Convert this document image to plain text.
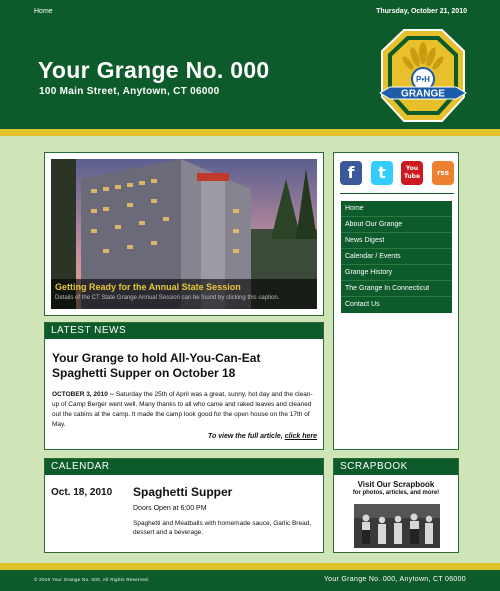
Home	Thursday, October 21, 2010
Your Grange No. 000
100 Main Street, Anytown, CT 06000
P•H
GRANGE
Getting Ready for the Annual State Session
Details of the CT State Grange Annual Session can be found by clicking this caption.
LATEST NEWS
Your Grange to hold All-You-Can-Eat Spaghetti Supper on October 18
OCTOBER 3, 2010 -- Saturday the 25th of April was a great, sunny, hot day and the clean-up of Camp Berger went well. Many thanks to all who came and raked leaves and cleaned out the cabins at the camp. It made the camp look good for the open house on the 17th of May.
To view the full article, click here
CALENDAR
Oct. 18, 2010 Spaghetti Supper
Doors Open at 6:00 PM
Spaghetti and Meatballs with homemade sauce, Garlic Bread, dessert and a beverage.
f	t	You Tube	rss
Home
About Our Grange
News Digest
Calendar / Events
Grange History
The Grange In Connecticut
Contact Us
SCRAPBOOK
Visit Our Scrapbook
for photos, articles, and more!
© 2010 Your Grange No. 000, All Rights Reserved.	Your Grange No. 000, Anytown, CT 06000
